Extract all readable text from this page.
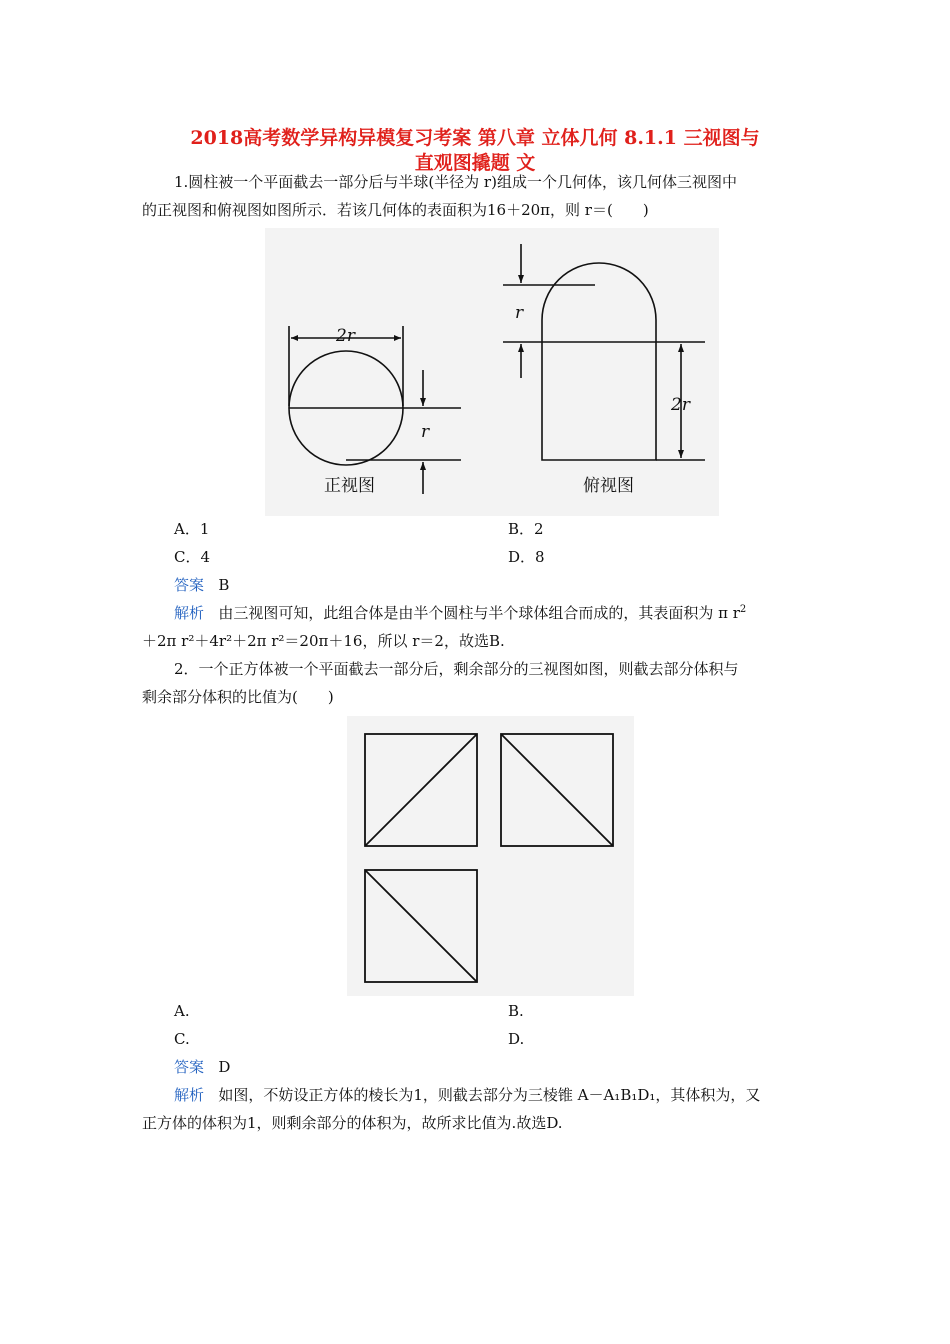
2018高考数学异构异模复习考案 第八章 立体几何 8.1.1 三视图与
直观图撬题 文
1.圆柱被一个平面截去一部分后与半球(半径为 r)组成一个几何体，该几何体三视图中
的正视图和俯视图如图所示．若该几何体的表面积为16＋20π，则 r＝(　　)
2r
r
r
2r
正视图	俯视图
A．1	B．2
C．4	D．8
答案 B
解析 由三视图可知，此组合体是由半个圆柱与半个球体组合而成的，其表面积为 π $r^2$
＋2π r²＋4r²＋2π r²＝20π＋16，所以 r＝2，故选B.
2．一个正方体被一个平面截去一部分后，剩余部分的三视图如图，则截去部分体积与
剩余部分体积的比值为(　　)
A.	B.
C.	D.
答案 D
解析 如图，不妨设正方体的棱长为1，则截去部分为三棱锥 A－A₁B₁D₁，其体积为，又
正方体的体积为1，则剩余部分的体积为，故所求比值为.故选D.
